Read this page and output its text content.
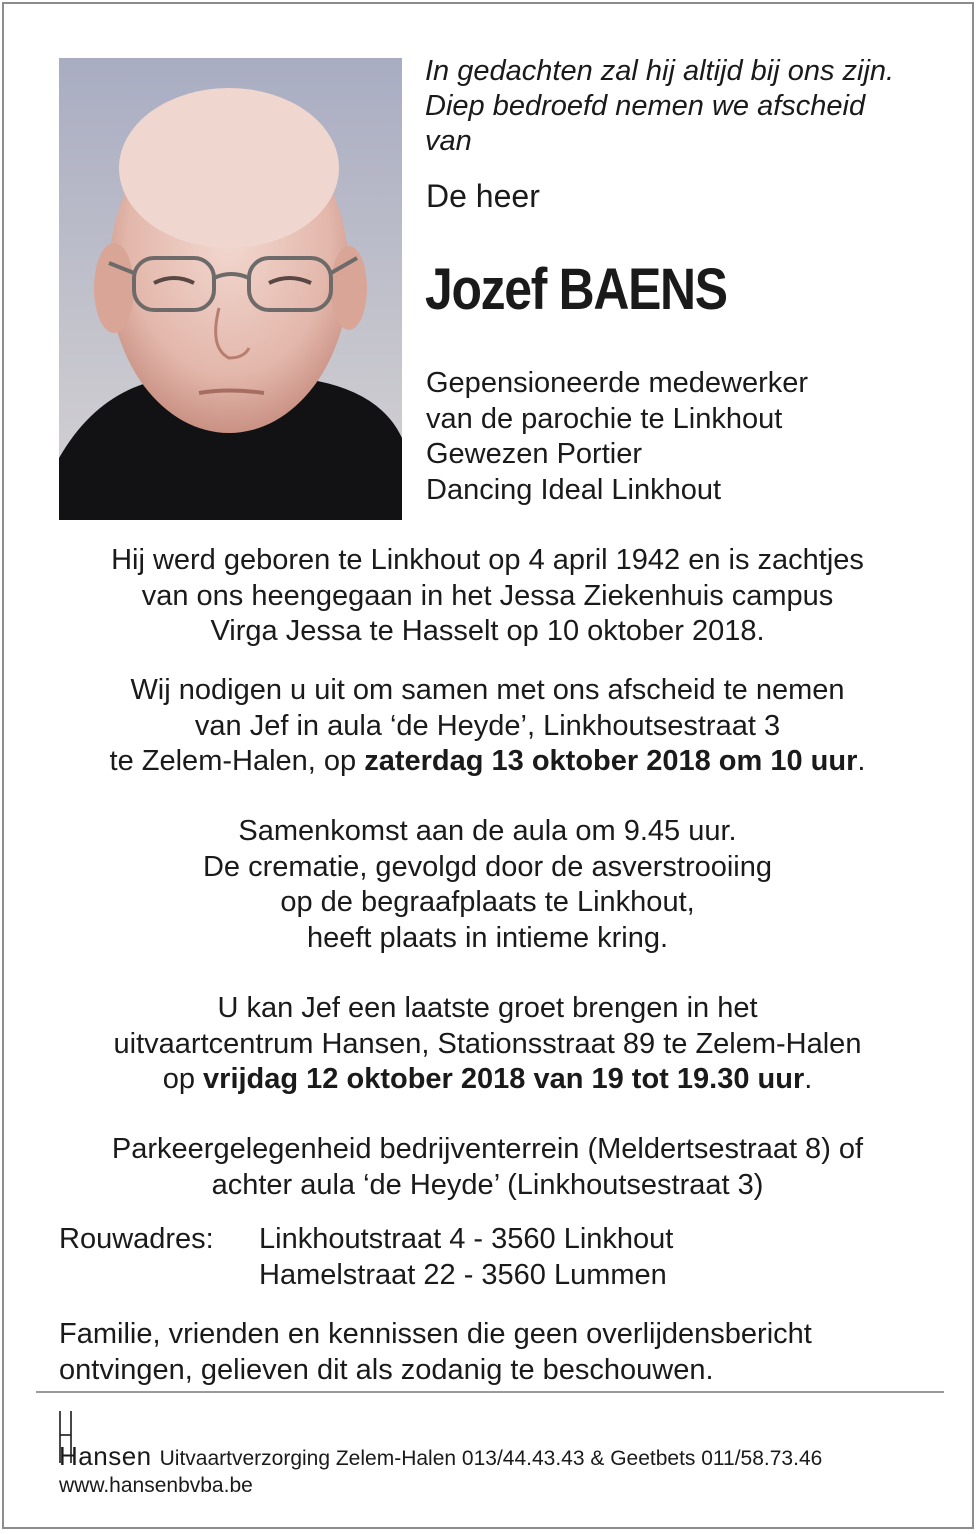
In gedachten zal hij altijd bij ons zijn. Diep bedroefd nemen we afscheid van

De heer

Jozef BAENS
Gepensioneerde medewerker
van de parochie te Linkhout
Gewezen Portier
Dancing Ideal Linkhout
Hij werd geboren te Linkhout op 4 april 1942 en is zachtjes
van ons heengegaan in het Jessa Ziekenhuis campus
Virga Jessa te Hasselt op 10 oktober 2018.
Wij nodigen u uit om samen met ons afscheid te nemen
van Jef in aula ‘de Heyde’, Linkhoutsestraat 3
te Zelem-Halen, op zaterdag 13 oktober 2018 om 10 uur.
Samenkomst aan de aula om 9.45 uur.
De crematie, gevolgd door de asverstrooiing
op de begraafplaats te Linkhout,
heeft plaats in intieme kring.
U kan Jef een laatste groet brengen in het
uitvaartcentrum Hansen, Stationsstraat 89 te Zelem-Halen
op vrijdag 12 oktober 2018 van 19 tot 19.30 uur.
Parkeergelegenheid bedrijventerrein (Meldertsestraat 8) of
achter aula ‘de Heyde’ (Linkhoutsestraat 3)
Rouwadres: Linkhoutstraat 4 - 3560 Linkhout
Hamelstraat 22 - 3560 Lummen
Familie, vrienden en kennissen die geen overlijdensbericht
ontvingen, gelieven dit als zodanig te beschouwen.
Hansen Uitvaartverzorging Zelem-Halen 013/44.43.43 & Geetbets 011/58.73.46
www.hansenbvba.be
